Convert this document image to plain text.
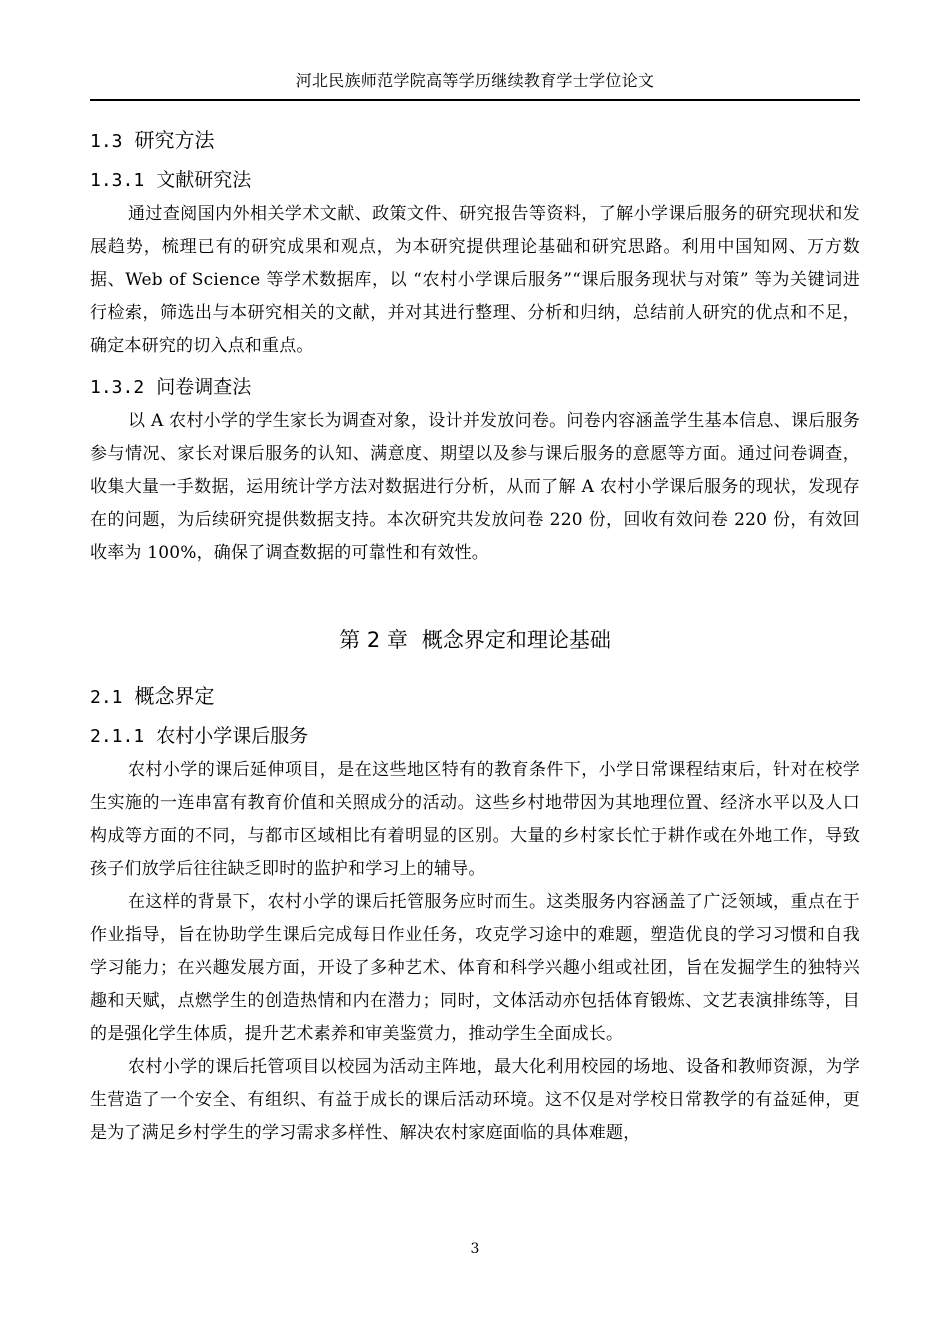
河北民族师范学院高等学历继续教育学士学位论文
1.3 研究方法
1.3.1 文献研究法

通过查阅国内外相关学术文献、政策文件、研究报告等资料，了解小学课后服务的研究现状和发展趋势，梳理已有的研究成果和观点，为本研究提供理论基础和研究思路。利用中国知网、万方数据、Web of Science 等学术数据库，以 “农村小学课后服务”“课后服务现状与对策” 等为关键词进行检索，筛选出与本研究相关的文献，并对其进行整理、分析和归纳，总结前人研究的优点和不足，确定本研究的切入点和重点。

1.3.2 问卷调查法

以 A 农村小学的学生家长为调查对象，设计并发放问卷。问卷内容涵盖学生基本信息、课后服务参与情况、家长对课后服务的认知、满意度、期望以及参与课后服务的意愿等方面。通过问卷调查，收集大量一手数据，运用统计学方法对数据进行分析，从而了解 A 农村小学课后服务的现状，发现存在的问题，为后续研究提供数据支持。本次研究共发放问卷 220 份，回收有效问卷 220 份，有效回收率为 100%，确保了调查数据的可靠性和有效性。

第 2 章 概念界定和理论基础
2.1 概念界定
2.1.1 农村小学课后服务

农村小学的课后延伸项目，是在这些地区特有的教育条件下，小学日常课程结束后，针对在校学生实施的一连串富有教育价值和关照成分的活动。这些乡村地带因为其地理位置、经济水平以及人口构成等方面的不同，与都市区域相比有着明显的区别。大量的乡村家长忙于耕作或在外地工作，导致孩子们放学后往往缺乏即时的监护和学习上的辅导。

在这样的背景下，农村小学的课后托管服务应时而生。这类服务内容涵盖了广泛领域，重点在于作业指导，旨在协助学生课后完成每日作业任务，攻克学习途中的难题，塑造优良的学习习惯和自我学习能力；在兴趣发展方面，开设了多种艺术、体育和科学兴趣小组或社团，旨在发掘学生的独特兴趣和天赋，点燃学生的创造热情和内在潜力；同时，文体活动亦包括体育锻炼、文艺表演排练等，目的是强化学生体质，提升艺术素养和审美鉴赏力，推动学生全面成长。

农村小学的课后托管项目以校园为活动主阵地，最大化利用校园的场地、设备和教师资源，为学生营造了一个安全、有组织、有益于成长的课后活动环境。这不仅是对学校日常教学的有益延伸，更是为了满足乡村学生的学习需求多样性、解决农村家庭面临的具体难题，

3
